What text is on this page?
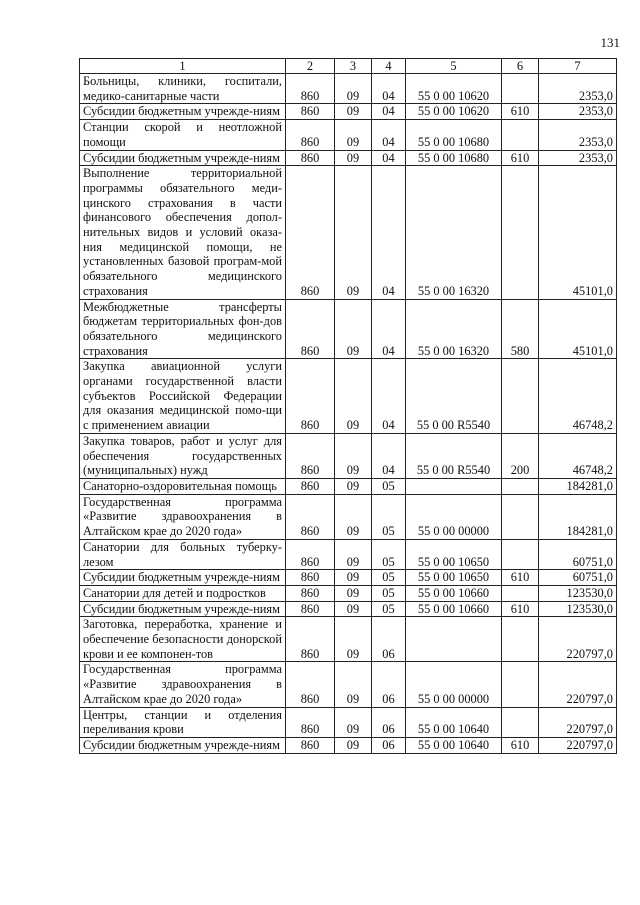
131
1	2	3	4	5	6	7
Больницы, клиники, госпитали, медико-санитарные части	860	09	04	55 0 00 10620		2353,0
Субсидии бюджетным учрежде-ниям	860	09	04	55 0 00 10620	610	2353,0
Станции скорой и неотложной помощи	860	09	04	55 0 00 10680		2353,0
Субсидии бюджетным учрежде-ниям	860	09	04	55 0 00 10680	610	2353,0
Выполнение территориальной программы обязательного меди-цинского страхования в части финансового обеспечения допол-нительных видов и условий оказа-ния медицинской помощи, не установленных базовой програм-мой обязательного медицинского страхования	860	09	04	55 0 00 16320		45101,0
Межбюджетные трансферты бюджетам территориальных фон-дов обязательного медицинского страхования	860	09	04	55 0 00 16320	580	45101,0
Закупка авиационной услуги органами государственной власти субъектов Российской Федерации для оказания медицинской помо-щи с применением авиации	860	09	04	55 0 00 R5540		46748,2
Закупка товаров, работ и услуг для обеспечения государственных (муниципальных) нужд	860	09	04	55 0 00 R5540	200	46748,2
Санаторно-оздоровительная помощь	860	09	05			184281,0
Государственная программа «Развитие здравоохранения в Алтайском крае до 2020 года»	860	09	05	55 0 00 00000		184281,0
Санатории для больных туберку-лезом	860	09	05	55 0 00 10650		60751,0
Субсидии бюджетным учрежде-ниям	860	09	05	55 0 00 10650	610	60751,0
Санатории для детей и подростков	860	09	05	55 0 00 10660		123530,0
Субсидии бюджетным учрежде-ниям	860	09	05	55 0 00 10660	610	123530,0
Заготовка, переработка, хранение и обеспечение безопасности донорской крови и ее компонен-тов	860	09	06			220797,0
Государственная программа «Развитие здравоохранения в Алтайском крае до 2020 года»	860	09	06	55 0 00 00000		220797,0
Центры, станции и отделения переливания крови	860	09	06	55 0 00 10640		220797,0
Субсидии бюджетным учрежде-ниям	860	09	06	55 0 00 10640	610	220797,0
